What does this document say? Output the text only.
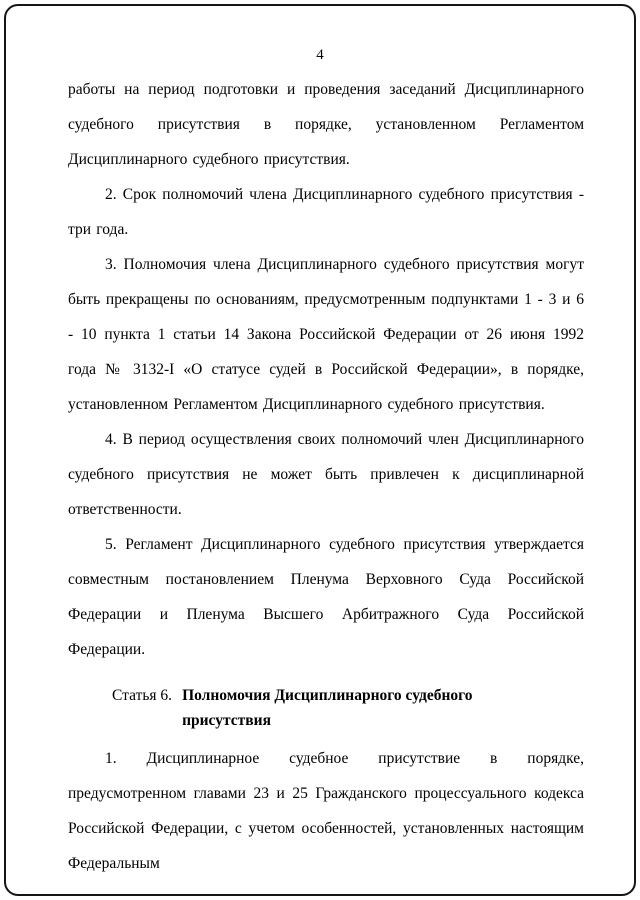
4

работы на период подготовки и проведения заседаний Дисциплинарного судебного присутствия в порядке, установленном Регламентом Дисциплинарного судебного присутствия.

2. Срок полномочий члена Дисциплинарного судебного присутствия - три года.

3. Полномочия члена Дисциплинарного судебного присутствия могут быть прекращены по основаниям, предусмотренным подпунктами 1 - 3 и 6 - 10 пункта 1 статьи 14 Закона Российской Федерации от 26 июня 1992 года № 3132-I «О статусе судей в Российской Федерации», в порядке, установленном Регламентом Дисциплинарного судебного присутствия.

4. В период осуществления своих полномочий член Дисциплинарного судебного присутствия не может быть привлечен к дисциплинарной ответственности.

5. Регламент Дисциплинарного судебного присутствия утверждается совместным постановлением Пленума Верховного Суда Российской Федерации и Пленума Высшего Арбитражного Суда Российской Федерации.

Статья 6. Полномочия Дисциплинарного судебного присутствия

1. Дисциплинарное судебное присутствие в порядке, предусмотренном главами 23 и 25 Гражданского процессуального кодекса Российской Федерации, с учетом особенностей, установленных настоящим Федеральным
